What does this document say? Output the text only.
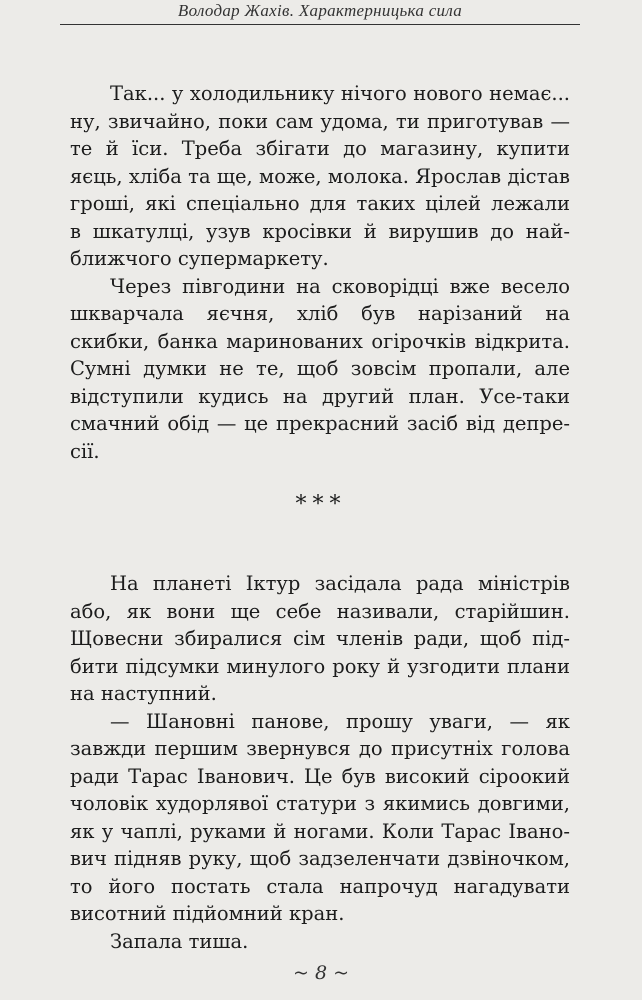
Володар Жахів. Характерницька сила
Так... у холодильнику нічого нового немає...
ну, звичайно, поки сам удома, ти приготував —
те й їси. Треба збігати до магазину, купити
яєць, хліба та ще, може, молока. Ярослав дістав
гроші, які спеціально для таких цілей лежали
в шкатулці, узув кросівки й вирушив до най-
ближчого супермаркету.
Через півгодини на сковорідці вже весело
шкварчала яєчня, хліб був нарізаний на
скибки, банка маринованих огірочків відкрита.
Сумні думки не те, щоб зовсім пропали, але
відступили кудись на другий план. Усе-таки
смачний обід — це прекрасний засіб від депре-
сії.
***
На планеті Іктур засідала рада міністрів
або, як вони ще себе називали, старійшин.
Щовесни збиралися сім членів ради, щоб під-
бити підсумки минулого року й узгодити плани
на наступний.
— Шановні панове, прошу уваги, — як
завжди першим звернувся до присутніх голова
ради Тарас Іванович. Це був високий сіроокий
чоловік худорлявої статури з якимись довгими,
як у чаплі, руками й ногами. Коли Тарас Івано-
вич підняв руку, щоб задзеленчати дзвіночком,
то його постать стала напрочуд нагадувати
висотний підйомний кран.
Запала тиша.
~ 8 ~
